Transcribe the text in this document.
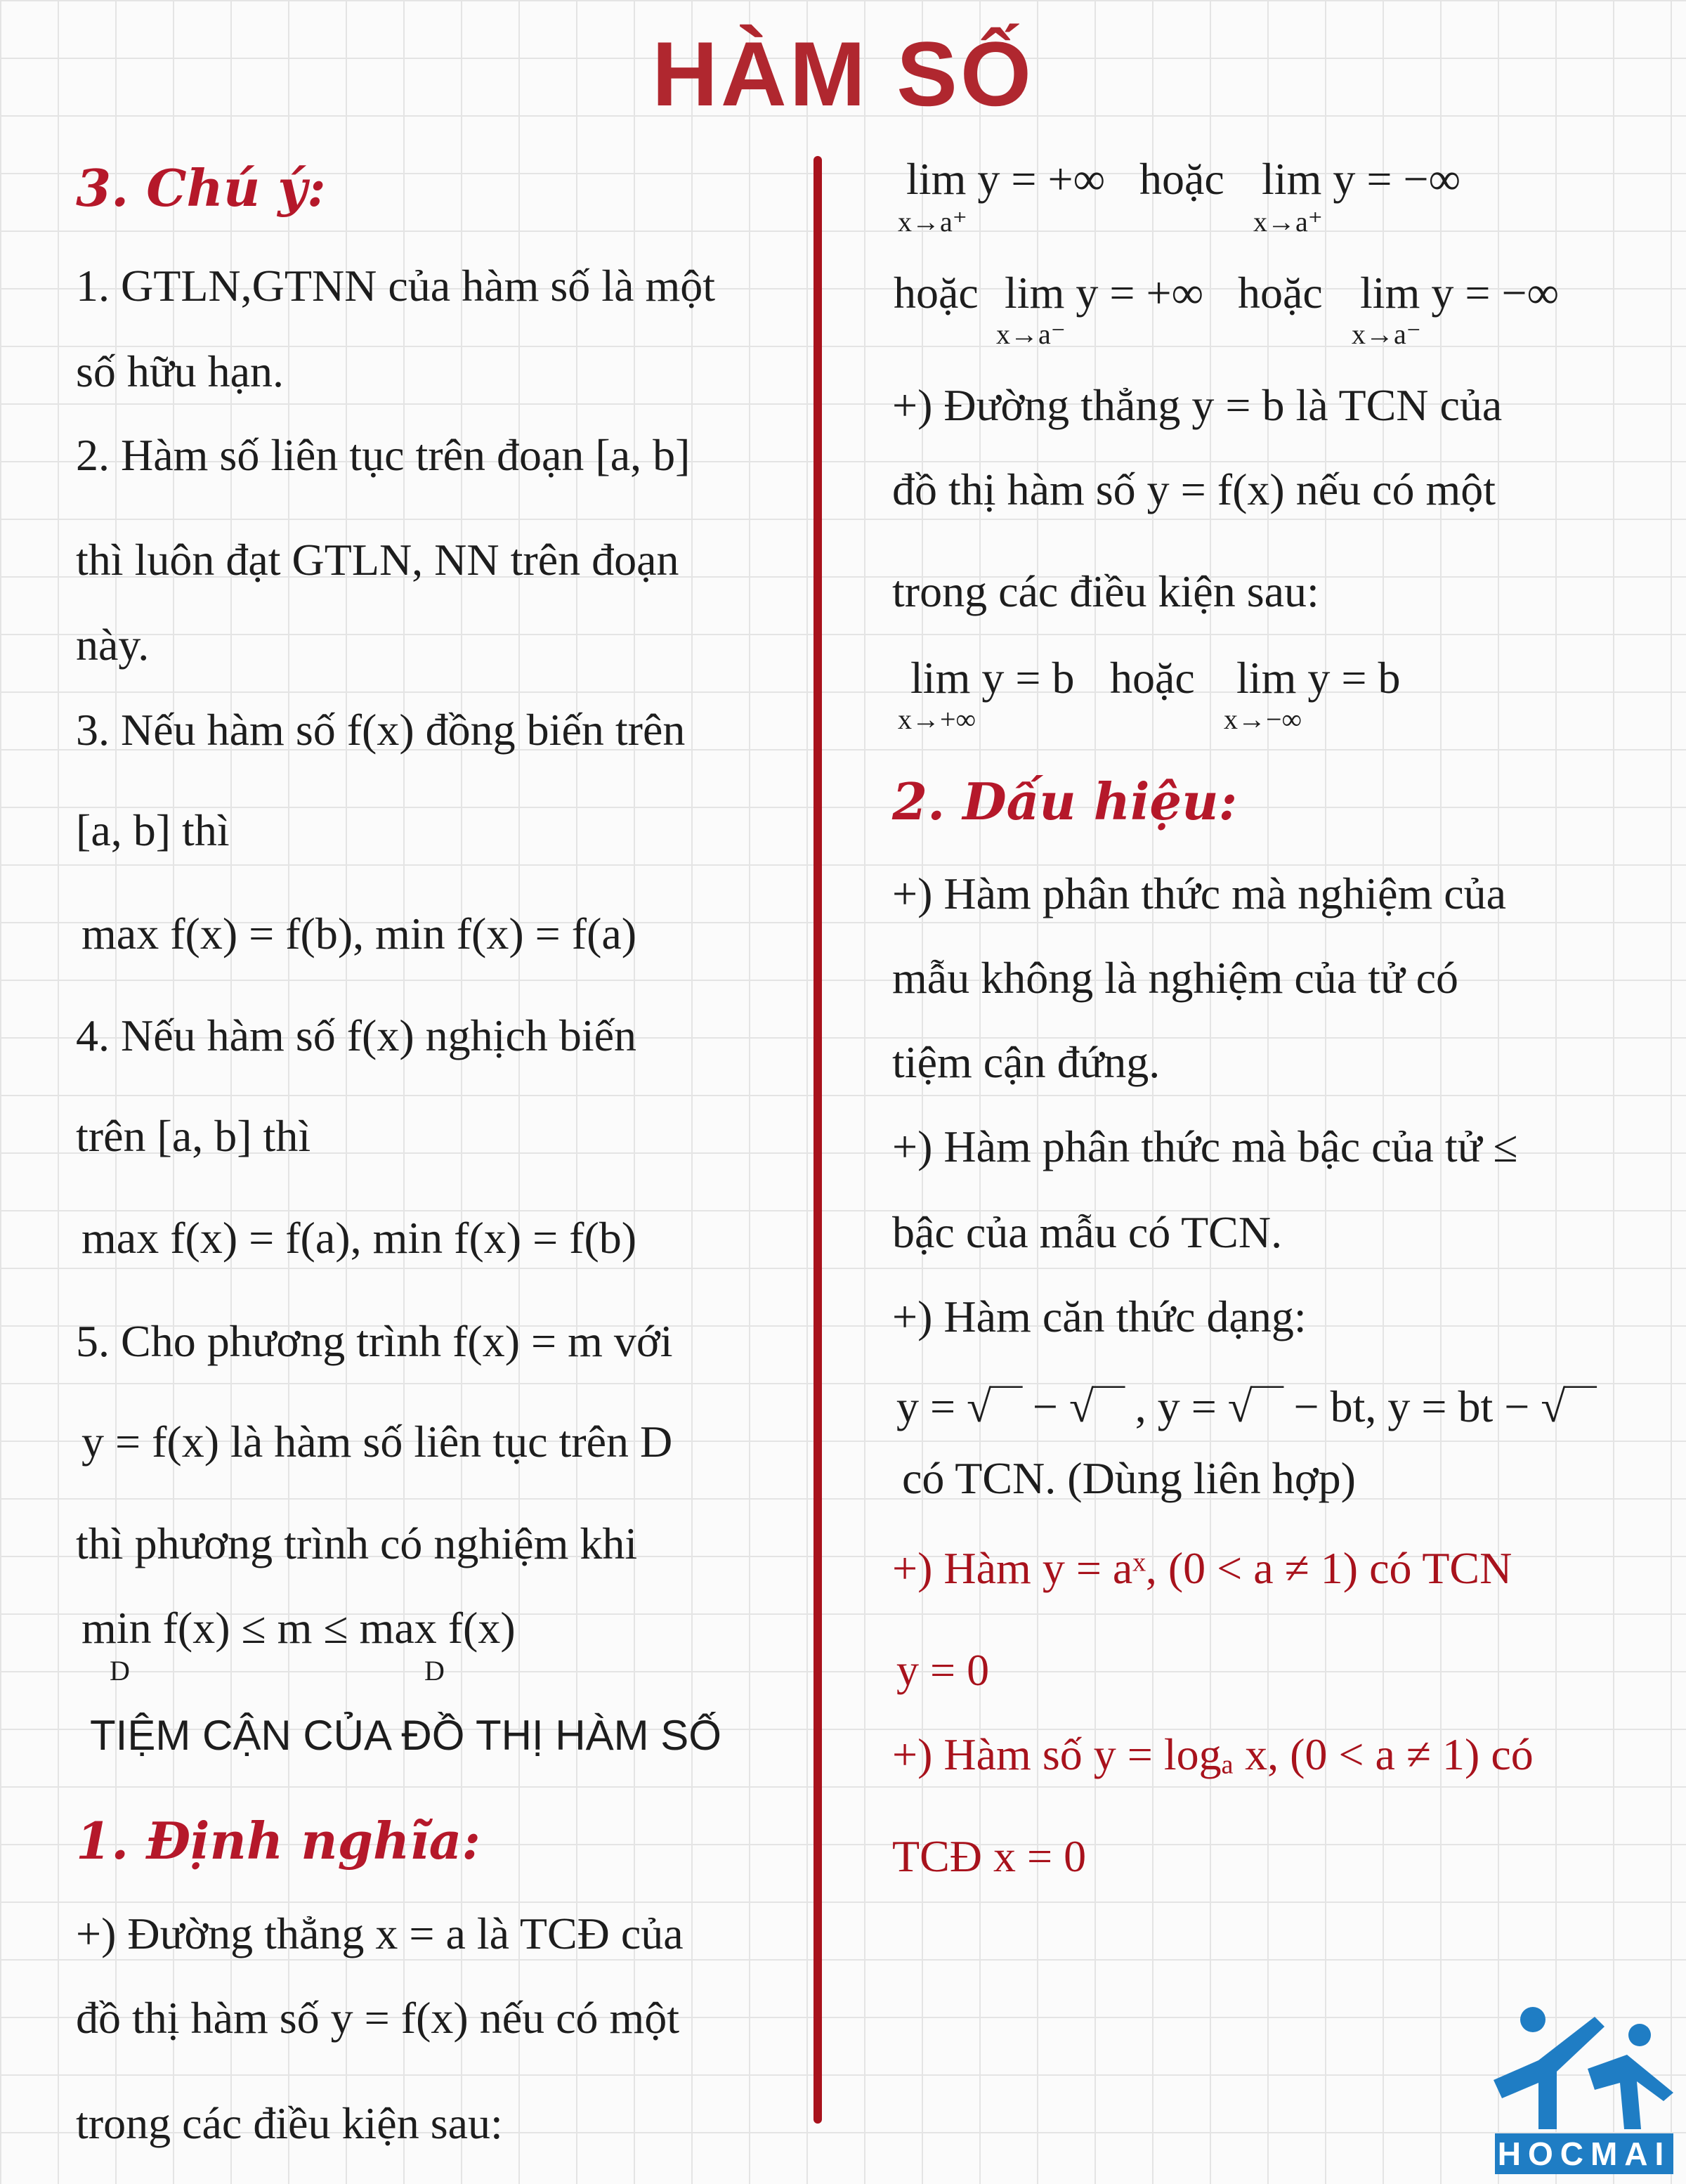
HÀM SỐ
3. Chú ý:
1. GTLN,GTNN của hàm số là một
số hữu hạn.
2. Hàm số liên tục trên đoạn [a, b]
thì luôn đạt GTLN, NN trên đoạn
này.
3. Nếu hàm số f(x) đồng biến trên
[a, b] thì
max f(x) = f(b), min f(x) = f(a)
4. Nếu hàm số f(x) nghịch biến
trên [a, b] thì
max f(x) = f(a), min f(x) = f(b)
5. Cho phương trình f(x) = m với
y = f(x) là hàm số liên tục trên D
thì phương trình có nghiệm khi
min f(x) ≤ m ≤ max f(x)
D	D
TIỆM CẬN CỦA ĐỒ THỊ HÀM SỐ
1. Định nghĩa:
+) Đường thẳng x = a là TCĐ của
đồ thị hàm số y = f(x) nếu có một
trong các điều kiện sau:
lim y = +∞
x→a⁺
hoặc lim y = −∞
x→a⁺
hoặc lim y = +∞
x→a⁻
hoặc lim y = −∞
x→a⁻
+) Đường thẳng y = b là TCN của
đồ thị hàm số y = f(x) nếu có một
trong các điều kiện sau:
lim y = b
x→+∞
hoặc lim y = b
x→−∞
2. Dấu hiệu:
+) Hàm phân thức mà nghiệm của
mẫu không là nghiệm của tử có
tiệm cận đứng.
+) Hàm phân thức mà bậc của tử ≤
bậc của mẫu có TCN.
+) Hàm căn thức dạng:
y = √‾‾ − √‾‾ , y = √‾‾ − bt, y = bt − √‾‾
có TCN. (Dùng liên hợp)
+) Hàm y = aˣ, (0 < a ≠ 1) có TCN
y = 0
+) Hàm số y = logₐ x, (0 < a ≠ 1) có
TCĐ x = 0
HOCMAI
